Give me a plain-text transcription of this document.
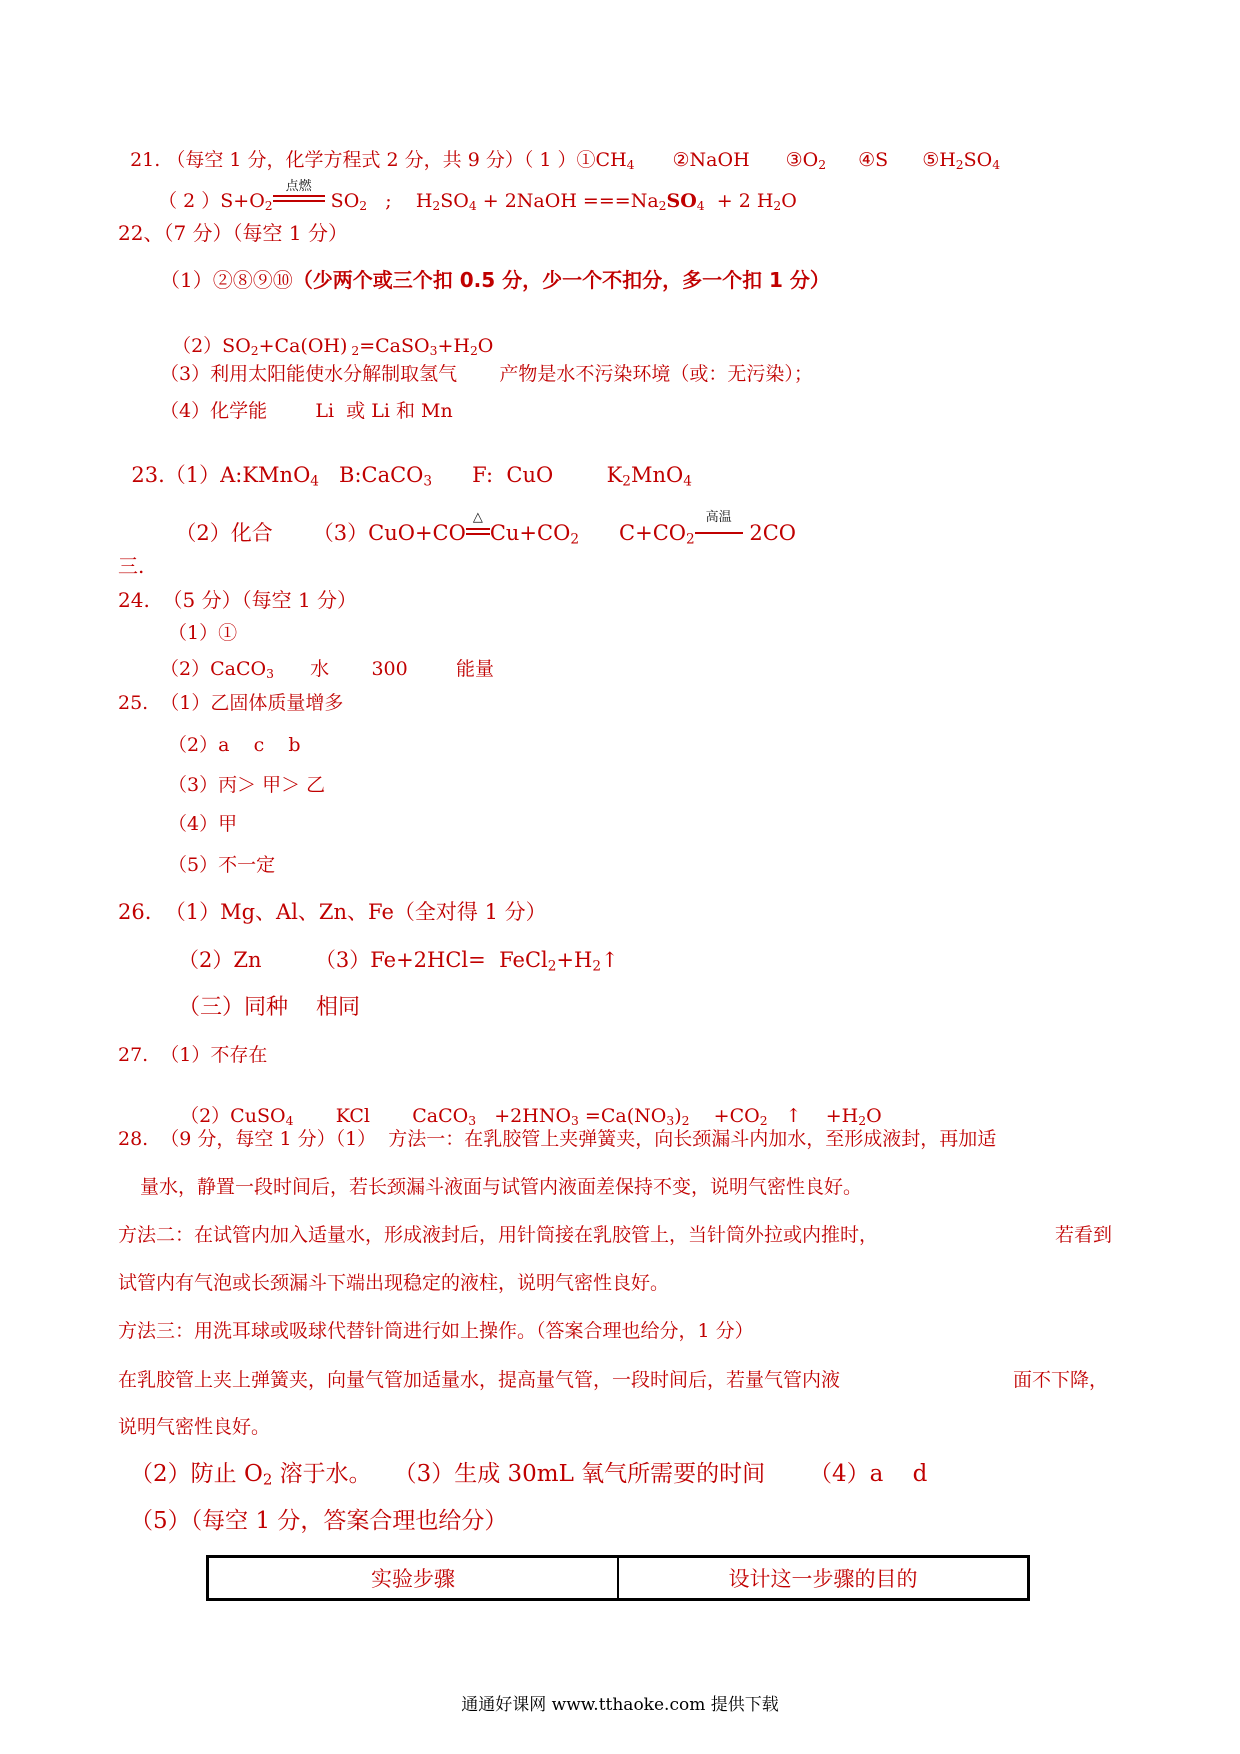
21. （每空 1 分，化学方程式 2 分，共 9 分）（ 1 ）$①CH_4$ ②NaOH $③O_2$ ④S $⑤H_2SO_4$

（ 2 ）$S+O_2$
点燃
$SO_2$   ;    $H_2SO_4$ + 2NaOH $===Na_2SO_4 + 2$ $H_2O$

22、（7 分）（每空 1 分）
（1）②⑧⑨⑩（少两个或三个扣 0.5 分，少一个不扣分，多一个扣 1 分）

$(2)SO_2+Ca(OH)$ $_2=CaSO_3+H_2O$

（3）利用太阳能使水分解制取氢气       产物是水不污染环境（或：无污染）；
（4）化学能        Li  或 Li 和 Mn

23.（1）A:KMnO$_4$   B:CaCO$_3$      F:  CuO        $K_2MnO_4$

（2）化合      （3）CuO+CO
△
$Cu+CO_2$      $C+CO_2$
高温
2CO

三.
24.  （5 分）（每空 1 分）
（1）①
（2）CaCO$_3$      水       300        能量
25.  （1）乙固体质量增多
（2）a    c    b
（3）丙＞ 甲＞ 乙
（4）甲
（5）不一定
26.  （1）Mg、Al、Zn、Fe（全对得 1 分）
（2）Zn        $(3)Fe+2HCl= FeCl_2+H_2↑$
（三）同种    相同
27.  （1）不存在

（2）CuSO$_4$       KCl       CaCO$_3$   $+2HNO_3 =Ca(NO_3)_2$    $+CO_2$   ↑    $+H_2O$

28.  （9 分，每空 1 分）（1）  方法一：在乳胶管上夹弹簧夹，向长颈漏斗内加水，至形成液封，再加适
量水，静置一段时间后，若长颈漏斗液面与试管内液面差保持不变，说明气密性良好。
方法二：在试管内加入适量水，形成液封后，用针筒接在乳胶管上，当针筒外拉或内推时，	若看到
试管内有气泡或长颈漏斗下端出现稳定的液柱，说明气密性良好。
方法三：用洗耳球或吸球代替针筒进行如上操作。（答案合理也给分，1 分）
在乳胶管上夹上弹簧夹，向量气管加适量水，提高量气管，一段时间后，若量气管内液	面不下降，
说明气密性良好。
（2）防止 $O_2$ 溶于水。   （3）生成 30mL 氧气所需要的时间      （4）a    d
（5）（每空 1 分，答案合理也给分）
实验步骤	设计这一步骤的目的
通通好课网 www.tthaoke.com 提供下载
